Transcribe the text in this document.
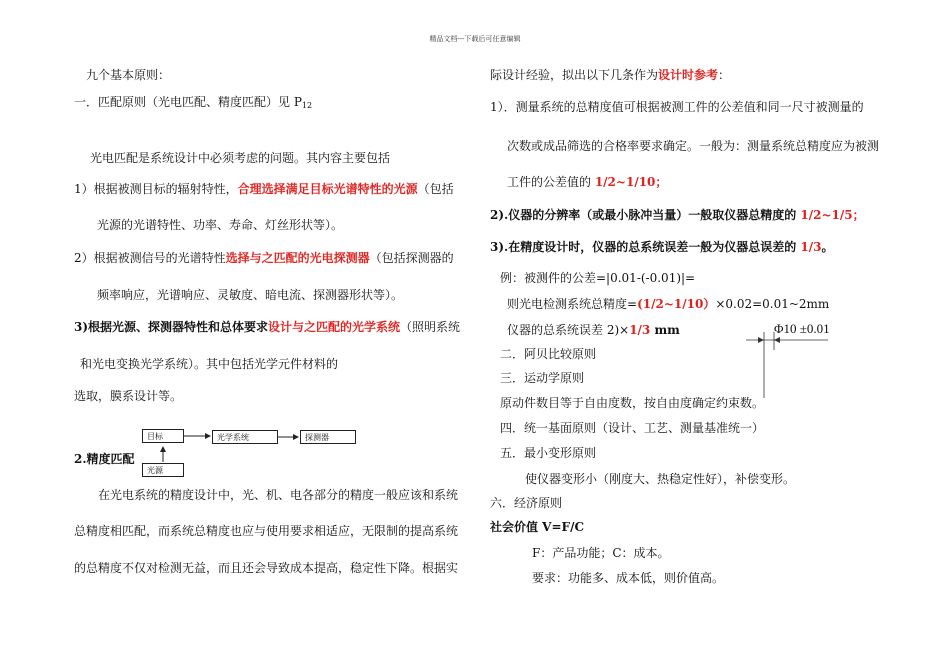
精品文档---下载后可任意编辑
九个基本原则：
一．匹配原则（光电匹配、精度匹配）见 $P_{12}$
光电匹配是系统设计中必须考虑的问题。其内容主要包括
1）根据被测目标的辐射特性，合理选择满足目标光谱特性的光源（包括
光源的光谱特性、功率、寿命、灯丝形状等）。
2）根据被测信号的光谱特性选择与之匹配的光电探测器（包括探测器的
频率响应，光谱响应、灵敏度、暗电流、探测器形状等）。
3)根据光源、探测器特性和总体要求设计与之匹配的光学系统（照明系统
和光电变换光学系统）。其中包括光学元件材料的
选取，膜系设计等。
目标	光学系统	探测器
光源
2.精度匹配
在光电系统的精度设计中，光、机、电各部分的精度一般应该和系统
总精度相匹配，而系统总精度也应与使用要求相适应，无限制的提高系统
的总精度不仅对检测无益，而且还会导致成本提高，稳定性下降。根据实
际设计经验，拟出以下几条作为设计时参考：
1）．测量系统的总精度值可根据被测工件的公差值和同一尺寸被测量的
次数或成品筛选的合格率要求确定。一般为：测量系统总精度应为被测
工件的公差值的 1/2~1/10；
2).仪器的分辨率（或最小脉冲当量）一般取仪器总精度的 1/2~1/5；
3).在精度设计时，仪器的总系统误差一般为仪器总误差的 1/3。
例：被测件的公差=|0.01-(-0.01)|=
则光电检测系统总精度=(1/2~1/10）×0.02=0.01~2mm
仪器的总系统误差 2)×1/3 mm	Φ10 ±0.01
二．阿贝比较原则
三．运动学原则
原动件数目等于自由度数，按自由度确定约束数。
四．统一基面原则（设计、工艺、测量基准统一）
五．最小变形原则
使仪器变形小（刚度大、热稳定性好），补偿变形。
六．经济原则
社会价值 V=F/C
F：产品功能；C：成本。
要求：功能多、成本低，则价值高。
